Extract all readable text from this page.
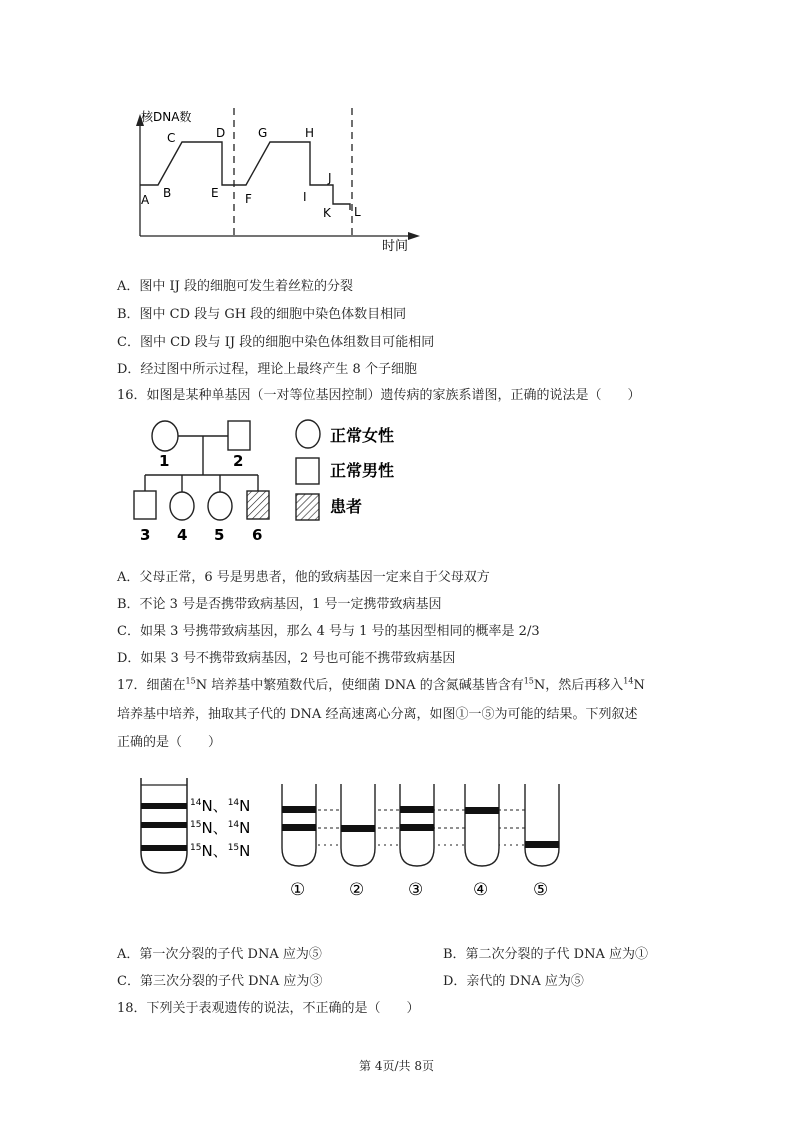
核DNA数
时间
A B
C	D
E F
G	H
I
J
K L
A．图中 IJ 段的细胞可发生着丝粒的分裂
B．图中 CD 段与 GH 段的细胞中染色体数目相同
C．图中 CD 段与 IJ 段的细胞中染色体组数目可能相同
D．经过图中所示过程，理论上最终产生 8 个子细胞
16．如图是某种单基因（一对等位基因控制）遗传病的家族系谱图，正确的说法是（　　）
1	2
3 4 5 6
正常女性
正常男性
患者
A．父母正常，6 号是男患者，他的致病基因一定来自于父母双方
B．不论 3 号是否携带致病基因，1 号一定携带致病基因
C．如果 3 号携带致病基因，那么 4 号与 1 号的基因型相同的概率是 2/3
D．如果 3 号不携带致病基因，2 号也可能不携带致病基因
17．细菌在$^{15}$N 培养基中繁殖数代后，使细菌 DNA 的含氮碱基皆含有$^{15}$N，然后再移入$^{14}$N
培养基中培养，抽取其子代的 DNA 经高速离心分离，如图①一⑤为可能的结果。下列叙述
正确的是（　　）
①	②	③	④	⑤
$^{14}$N、$^{14}$N
$^{15}$N、$^{14}$N
$^{15}$N、$^{15}$N
A．第一次分裂的子代 DNA 应为⑤	B．第二次分裂的子代 DNA 应为①
C．第三次分裂的子代 DNA 应为③	D．亲代的 DNA 应为⑤
18．下列关于表观遗传的说法，不正确的是（　　）
第 4页/共 8页
